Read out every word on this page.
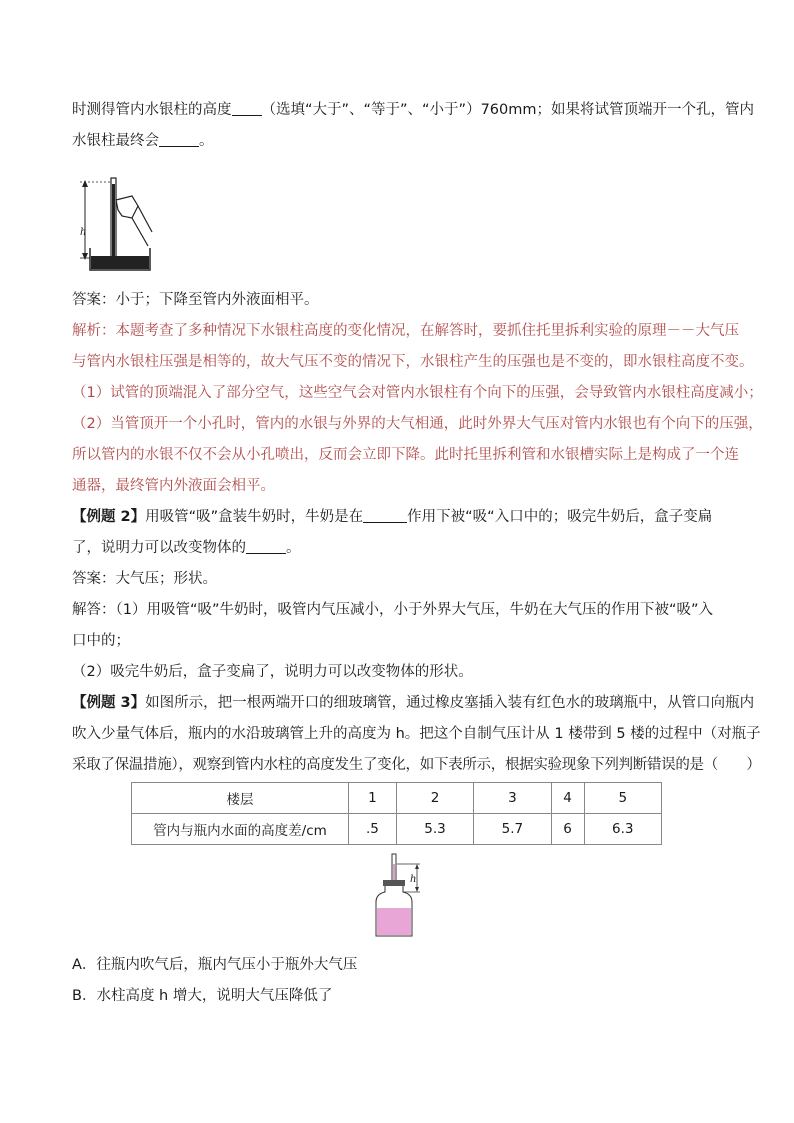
时测得管内水银柱的高度 （选填“大于”、“等于”、“小于”）760mm；如果将试管顶端开一个孔，管内
水银柱最终会	。
h
答案：小于；下降至管内外液面相平。
解析：本题考查了多种情况下水银柱高度的变化情况，在解答时，要抓住托里拆利实验的原理－－大气压
与管内水银柱压强是相等的，故大气压不变的情况下，水银柱产生的压强也是不变的，即水银柱高度不变。
（1）试管的顶端混入了部分空气，这些空气会对管内水银柱有个向下的压强，会导致管内水银柱高度减小；
（2）当管顶开一个小孔时，管内的水银与外界的大气相通，此时外界大气压对管内水银也有个向下的压强，
所以管内的水银不仅不会从小孔喷出，反而会立即下降。此时托里拆利管和水银槽实际上是构成了一个连
通器，最终管内外液面会相平。
【例题 2】用吸管“吸”盒装牛奶时，牛奶是在	作用下被“吸“入口中的；吸完牛奶后，盒子变扁
了，说明力可以改变物体的	。
答案：大气压；形状。
解答：（1）用吸管“吸”牛奶时，吸管内气压减小，小于外界大气压，牛奶在大气压的作用下被“吸”入
口中的；
（2）吸完牛奶后，盒子变扁了，说明力可以改变物体的形状。
【例题 3】如图所示，把一根两端开口的细玻璃管，通过橡皮塞插入装有红色水的玻璃瓶中，从管口向瓶内
吹入少量气体后，瓶内的水沿玻璃管上升的高度为 h。把这个自制气压计从 1 楼带到 5 楼的过程中（对瓶子
采取了保温措施），观察到管内水柱的高度发生了变化，如下表所示，根据实验现象下列判断错误的是（　　）
楼层	1	2	3	4	5
管内与瓶内水面的高度差/cm	.5	5.3	5.7	6	6.3
h
A．往瓶内吹气后，瓶内气压小于瓶外大气压
B．水柱高度 h 增大，说明大气压降低了
